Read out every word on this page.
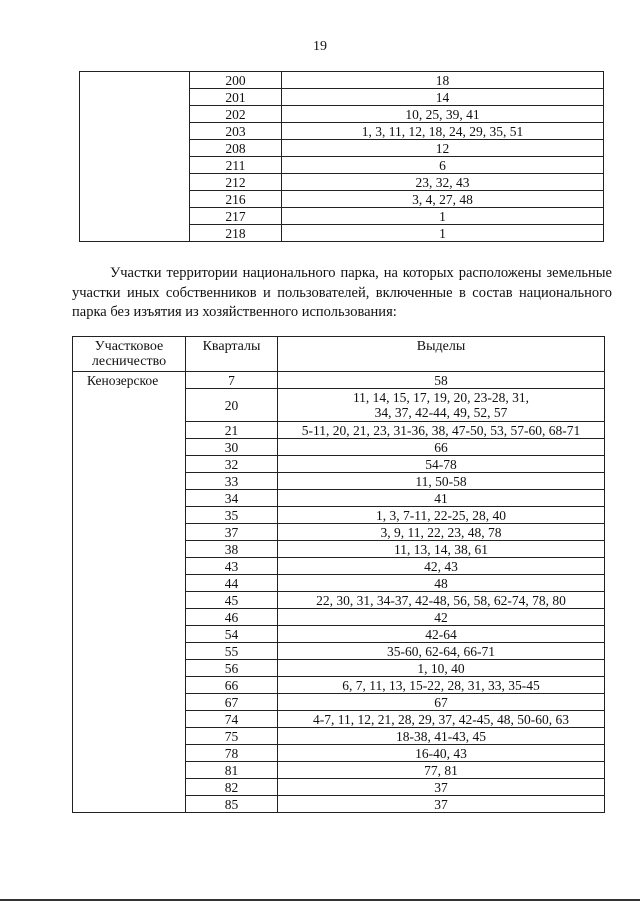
19
	200	18
	201	14
	202	10, 25, 39, 41
	203	1, 3, 11, 12, 18, 24, 29, 35, 51
	208	12
	211	6
	212	23, 32, 43
	216	3, 4, 27, 48
	217	1
	218	1

Участки территории национального парка, на которых расположены земельные участки иных собственников и пользователей, включенные в состав национального парка без изъятия из хозяйственного использования:

Участковое лесничество	Кварталы	Выделы
Кенозерское	7	58
	20	11, 14, 15, 17, 19, 20, 23-28, 31,
34, 37, 42-44, 49, 52, 57
	21	5-11, 20, 21, 23, 31-36, 38, 47-50, 53, 57-60, 68-71
	30	66
	32	54-78
	33	11, 50-58
	34	41
	35	1, 3, 7-11, 22-25, 28, 40
	37	3, 9, 11, 22, 23, 48, 78
	38	11, 13, 14, 38, 61
	43	42, 43
	44	48
	45	22, 30, 31, 34-37, 42-48, 56, 58, 62-74, 78, 80
	46	42
	54	42-64
	55	35-60, 62-64, 66-71
	56	1, 10, 40
	66	6, 7, 11, 13, 15-22, 28, 31, 33, 35-45
	67	67
	74	4-7, 11, 12, 21, 28, 29, 37, 42-45, 48, 50-60, 63
	75	18-38, 41-43, 45
	78	16-40, 43
	81	77, 81
	82	37
	85	37
